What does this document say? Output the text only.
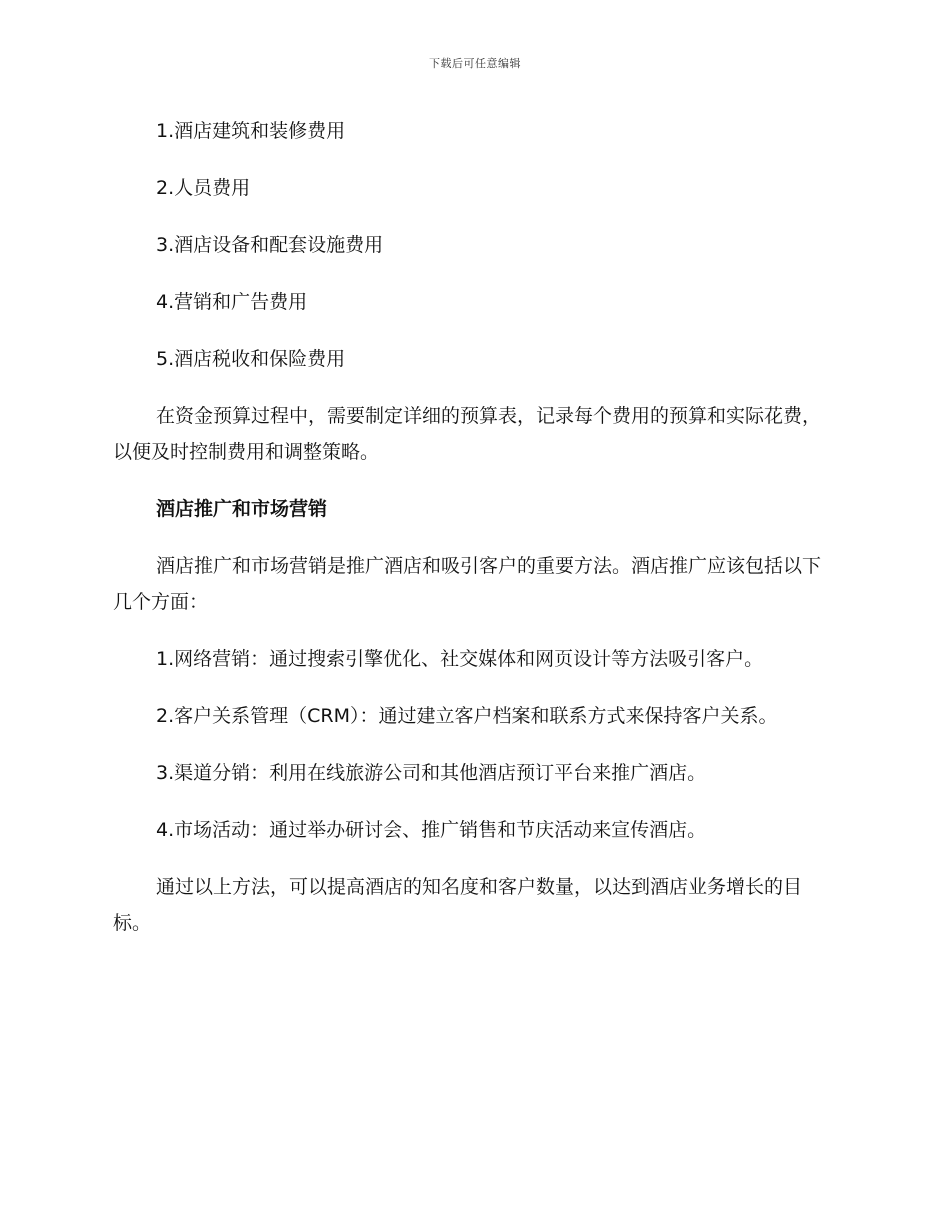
下载后可任意编辑

1.酒店建筑和装修费用

2.人员费用

3.酒店设备和配套设施费用

4.营销和广告费用

5.酒店税收和保险费用

在资金预算过程中，需要制定详细的预算表，记录每个费用的预算和实际花费，以便及时控制费用和调整策略。

酒店推广和市场营销

酒店推广和市场营销是推广酒店和吸引客户的重要方法。酒店推广应该包括以下几个方面：

1.网络营销：通过搜索引擎优化、社交媒体和网页设计等方法吸引客户。

2.客户关系管理（CRM）：通过建立客户档案和联系方式来保持客户关系。

3.渠道分销：利用在线旅游公司和其他酒店预订平台来推广酒店。

4.市场活动：通过举办研讨会、推广销售和节庆活动来宣传酒店。

通过以上方法，可以提高酒店的知名度和客户数量，以达到酒店业务增长的目标。
